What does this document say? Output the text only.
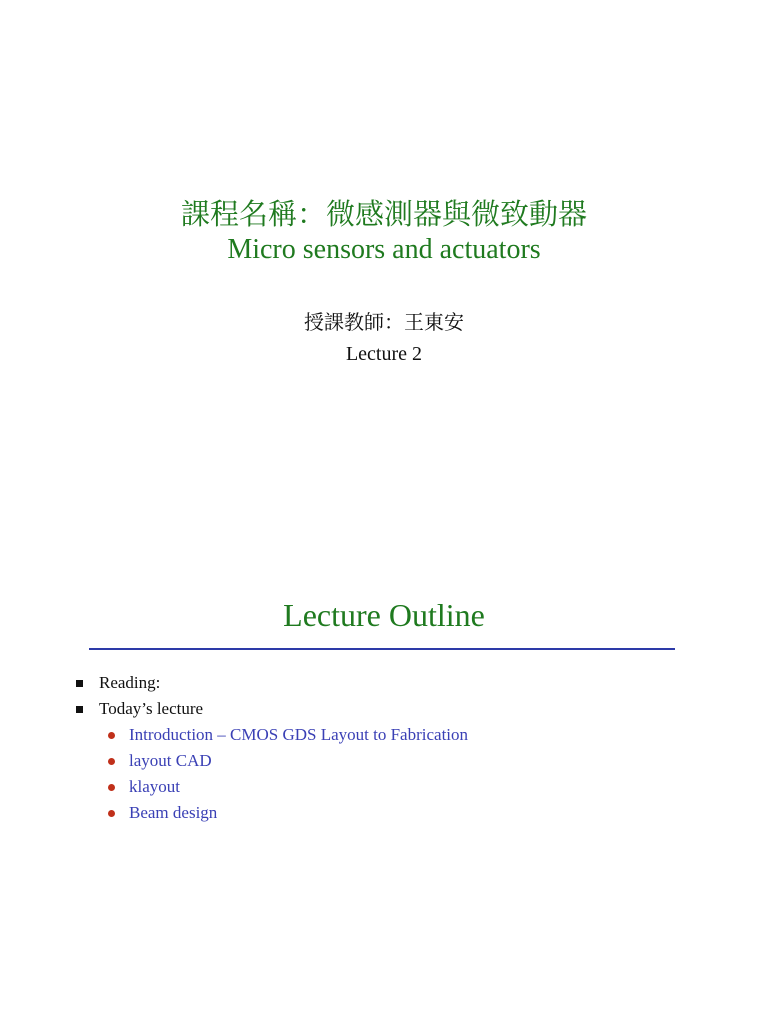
課程名稱：微感測器與微致動器
Micro sensors and actuators
授課教師：王東安
Lecture 2
Lecture Outline
Reading:
Today’s lecture
Introduction – CMOS GDS Layout to Fabrication
layout CAD
klayout
Beam design
